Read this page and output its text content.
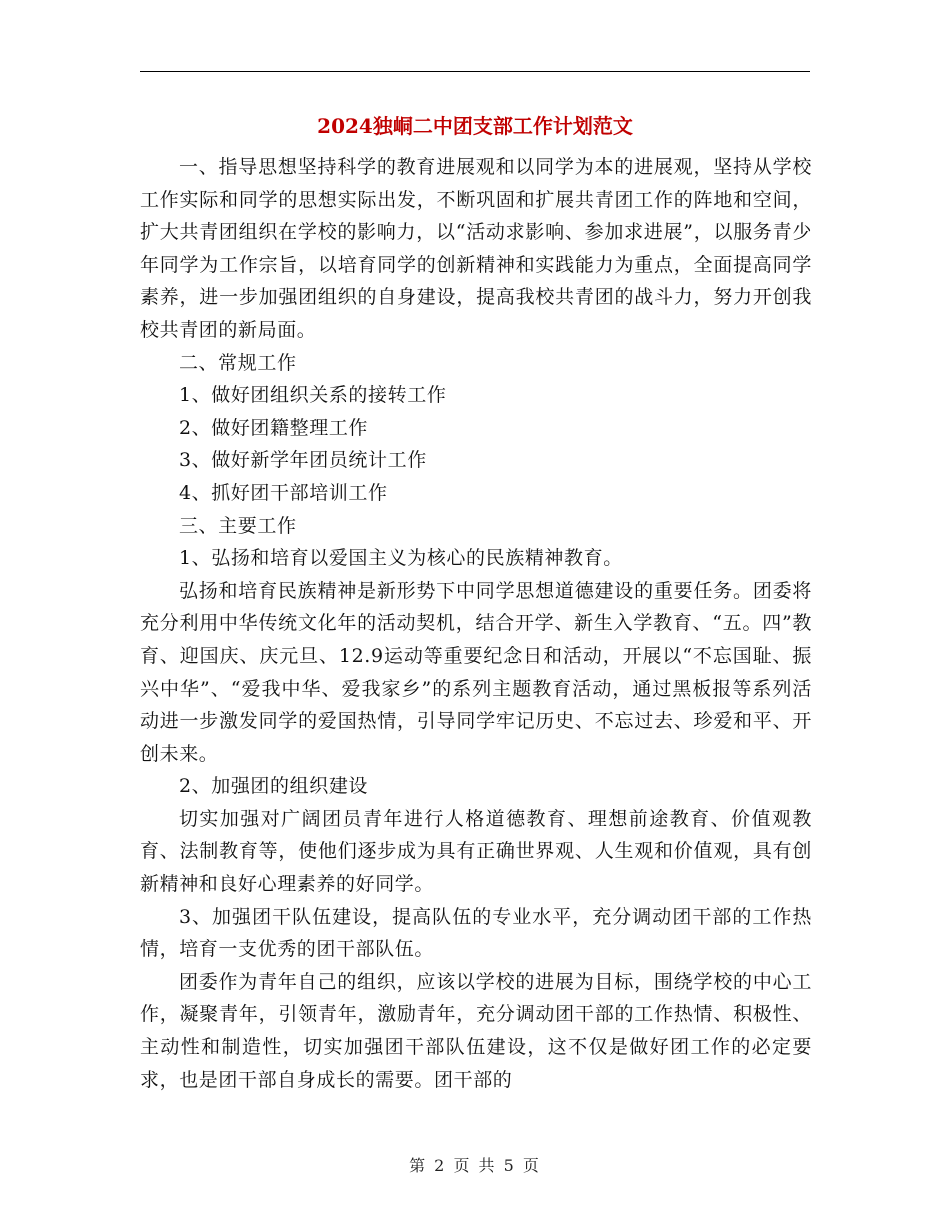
2024独峒二中团支部工作计划范文

一、指导思想坚持科学的教育进展观和以同学为本的进展观，坚持从学校工作实际和同学的思想实际出发，不断巩固和扩展共青团工作的阵地和空间，扩大共青团组织在学校的影响力，以“活动求影响、参加求进展”，以服务青少年同学为工作宗旨，以培育同学的创新精神和实践能力为重点，全面提高同学素养，进一步加强团组织的自身建设，提高我校共青团的战斗力，努力开创我校共青团的新局面。

二、常规工作

1、做好团组织关系的接转工作

2、做好团籍整理工作

3、做好新学年团员统计工作

4、抓好团干部培训工作

三、主要工作

1、弘扬和培育以爱国主义为核心的民族精神教育。

弘扬和培育民族精神是新形势下中同学思想道德建设的重要任务。团委将充分利用中华传统文化年的活动契机，结合开学、新生入学教育、“五。四”教育、迎国庆、庆元旦、12.9运动等重要纪念日和活动，开展以“不忘国耻、振兴中华”、“爱我中华、爱我家乡”的系列主题教育活动，通过黑板报等系列活动进一步激发同学的爱国热情，引导同学牢记历史、不忘过去、珍爱和平、开创未来。

2、加强团的组织建设

切实加强对广阔团员青年进行人格道德教育、理想前途教育、价值观教育、法制教育等，使他们逐步成为具有正确世界观、人生观和价值观，具有创新精神和良好心理素养的好同学。

3、加强团干队伍建设，提高队伍的专业水平，充分调动团干部的工作热情，培育一支优秀的团干部队伍。

团委作为青年自己的组织，应该以学校的进展为目标，围绕学校的中心工作，凝聚青年，引领青年，激励青年，充分调动团干部的工作热情、积极性、主动性和制造性，切实加强团干部队伍建设，这不仅是做好团工作的必定要求，也是团干部自身成长的需要。团干部的

第 2 页 共 5 页
